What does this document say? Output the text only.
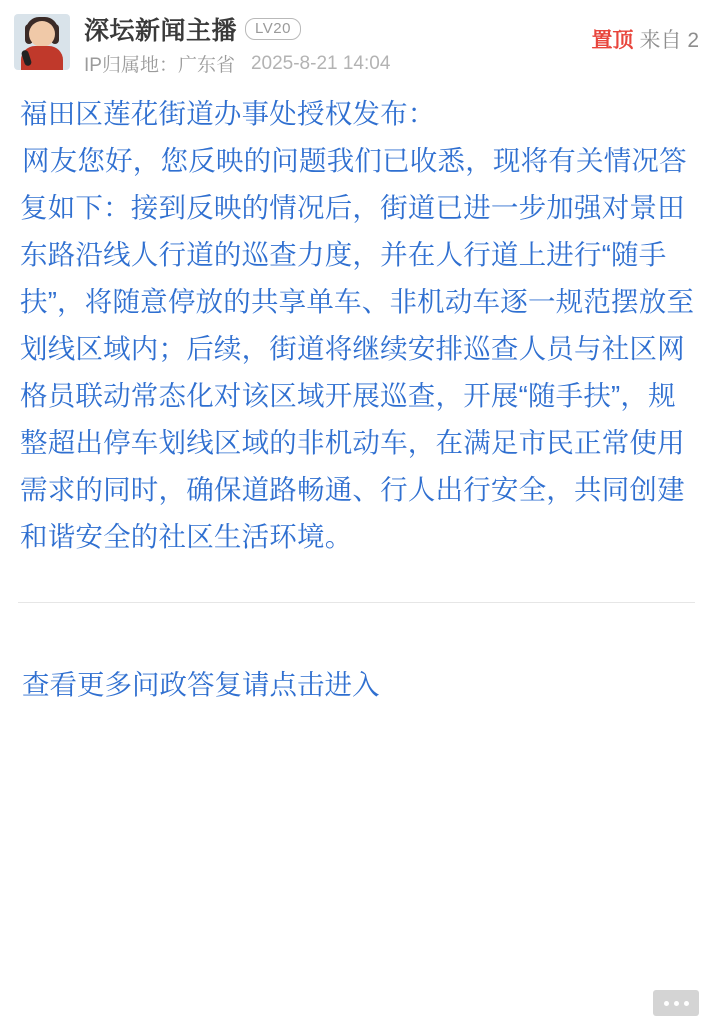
深坛新闻主播	LV20
IP归属地：广东省 2025-8-21 14:04
置顶 来自 2

福田区莲花街道办事处授权发布：

网友您好，您反映的问题我们已收悉，现将有关情况答复如下：接到反映的情况后，街道已进一步加强对景田东路沿线人行道的巡查力度，并在人行道上进行“随手扶”，将随意停放的共享单车、非机动车逐一规范摆放至划线区域内；后续，街道将继续安排巡查人员与社区网格员联动常态化对该区域开展巡查，开展“随手扶”，规整超出停车划线区域的非机动车，在满足市民正常使用需求的同时，确保道路畅通、行人出行安全，共同创建和谐安全的社区生活环境。

查看更多问政答复请点击进入
